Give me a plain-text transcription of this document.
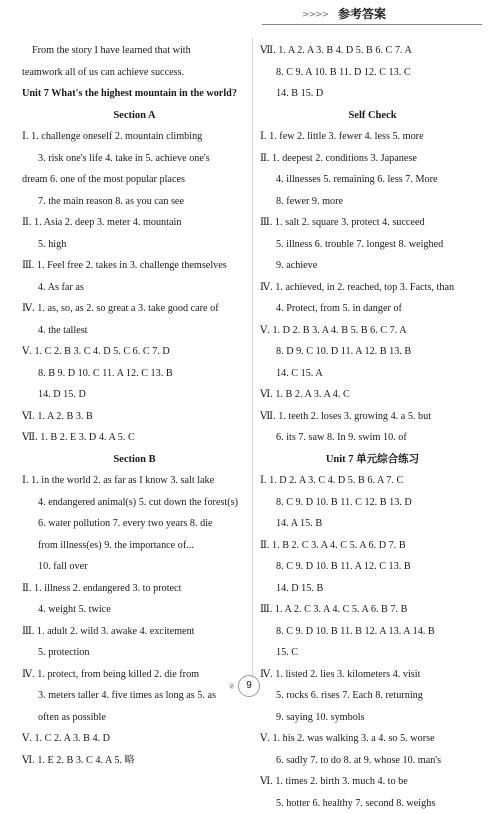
>>>> 参考答案
From the story I have learned that with
teamwork all of us can achieve success.
Unit 7 What's the highest mountain in the world?
Section A
Ⅰ. 1. challenge oneself 2. mountain climbing
3. risk one's life 4. take in 5. achieve one's
dream 6. one of the most popular places
7. the main reason 8. as you can see
Ⅱ. 1. Asia 2. deep 3. meter 4. mountain
5. high
Ⅲ. 1. Feel free 2. takes in 3. challenge themselves
4. As far as
Ⅳ. 1. as, so, as 2. so great a 3. take good care of
4. the tallest
Ⅴ. 1. C 2. B 3. C 4. D 5. C 6. C 7. D
8. B 9. D 10. C 11. A 12. C 13. B
14. D 15. D
Ⅵ. 1. A 2. B 3. B
Ⅶ. 1. B 2. E 3. D 4. A 5. C
Section B
Ⅰ. 1. in the world 2. as far as I know 3. salt lake
4. endangered animal(s) 5. cut down the forest(s)
6. water pollution 7. every two years 8. die
from illness(es) 9. the importance of...
10. fall over
Ⅱ. 1. illness 2. endangered 3. to protect
4. weight 5. twice
Ⅲ. 1. adult 2. wild 3. awake 4. excitement
5. protection
Ⅳ. 1. protect, from being killed 2. die from
3. meters taller 4. five times as long as 5. as
often as possible
Ⅴ. 1. C 2. A 3. B 4. D
Ⅵ. 1. E 2. B 3. C 4. A 5. 略
Ⅶ. 1. A 2. A 3. B 4. D 5. B 6. C 7. A
8. C 9. A 10. B 11. D 12. C 13. C
14. B 15. D
Self Check
Ⅰ. 1. few 2. little 3. fewer 4. less 5. more
Ⅱ. 1. deepest 2. conditions 3. Japanese
4. illnesses 5. remaining 6. less 7. More
8. fewer 9. more
Ⅲ. 1. salt 2. square 3. protect 4. succeed
5. illness 6. trouble 7. longest 8. weighed
9. achieve
Ⅳ. 1. achieved, in 2. reached, top 3. Facts, than
4. Protect, from 5. in danger of
Ⅴ. 1. D 2. B 3. A 4. B 5. B 6. C 7. A
8. D 9. C 10. D 11. A 12. B 13. B
14. C 15. A
Ⅵ. 1. B 2. A 3. A 4. C
Ⅶ. 1. teeth 2. loses 3. growing 4. a 5. but
6. its 7. saw 8. In 9. swim 10. of
Unit 7 单元综合练习
Ⅰ. 1. D 2. A 3. C 4. D 5. B 6. A 7. C
8. C 9. D 10. B 11. C 12. B 13. D
14. A 15. B
Ⅱ. 1. B 2. C 3. A 4. C 5. A 6. D 7. B
8. C 9. D 10. B 11. A 12. C 13. B
14. D 15. B
Ⅲ. 1. A 2. C 3. A 4. C 5. A 6. B 7. B
8. C 9. D 10. B 11. B 12. A 13. A 14. B
15. C
Ⅳ. 1. listed 2. lies 3. kilometers 4. visit
5. rocks 6. rises 7. Each 8. returning
9. saying 10. symbols
Ⅴ. 1. his 2. was walking 3. a 4. so 5. worse
6. sadly 7. to do 8. at 9. whose 10. man's
Ⅵ. 1. times 2. birth 3. much 4. to be
5. hotter 6. healthy 7. second 8. weighs
❦ 9
